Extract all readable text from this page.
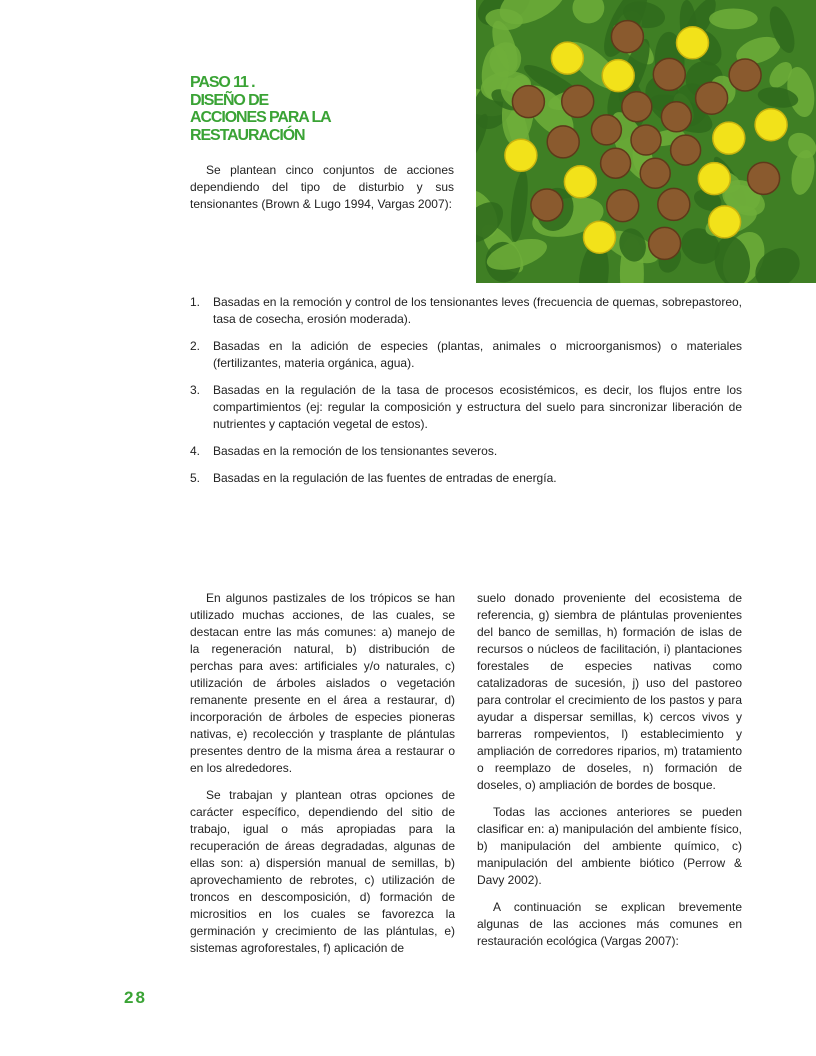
PASO 11 .
DISEÑO DE
ACCIONES PARA LA
RESTAURACIÓN

Se plantean cinco conjuntos de acciones dependiendo del tipo de disturbio y sus tensionantes (Brown & Lugo 1994, Vargas 2007):

1. Basadas en la remoción y control de los tensionantes leves (frecuencia de quemas, sobrepastoreo, tasa de cosecha, erosión moderada).
2. Basadas en la adición de especies (plantas, animales o microorganismos) o materiales (fertilizantes, materia orgánica, agua).
3. Basadas en la regulación de la tasa de procesos ecosistémicos, es decir, los flujos entre los compartimientos (ej: regular la composición y estructura del suelo para sincronizar liberación de nutrientes y captación vegetal de estos).
4. Basadas en la remoción de los tensionantes severos.
5. Basadas en la regulación de las fuentes de entradas de energía.

En algunos pastizales de los trópicos se han utilizado muchas acciones, de las cuales, se destacan entre las más comunes: a) manejo de la regeneración natural, b) distribución de perchas para aves: artificiales y/o naturales, c) utilización de árboles aislados o vegetación remanente presente en el área a restaurar, d) incorporación de árboles de especies pioneras nativas, e) recolección y trasplante de plántulas presentes dentro de la misma área a restaurar o en los alrededores.

Se trabajan y plantean otras opciones de carácter específico, dependiendo del sitio de trabajo, igual o más apropiadas para la recuperación de áreas degradadas, algunas de ellas son: a) dispersión manual de semillas, b) aprovechamiento de rebrotes, c) utilización de troncos en descomposición, d) formación de micrositios en los cuales se favorezca la germinación y crecimiento de las plántulas, e) sistemas agroforestales, f) aplicación de

suelo donado proveniente del ecosistema de referencia, g) siembra de plántulas provenientes del banco de semillas, h) formación de islas de recursos o núcleos de facilitación, i) plantaciones forestales de especies nativas como catalizadoras de sucesión, j) uso del pastoreo para controlar el crecimiento de los pastos y para ayudar a dispersar semillas, k) cercos vivos y barreras rompevientos, l) establecimiento y ampliación de corredores riparios, m) tratamiento o reemplazo de doseles, n) formación de doseles, o) ampliación de bordes de bosque.

Todas las acciones anteriores se pueden clasificar en: a) manipulación del ambiente físico, b) manipulación del ambiente químico, c) manipulación del ambiente biótico (Perrow & Davy 2002).

A continuación se explican brevemente algunas de las acciones más comunes en restauración ecológica (Vargas 2007):

28
